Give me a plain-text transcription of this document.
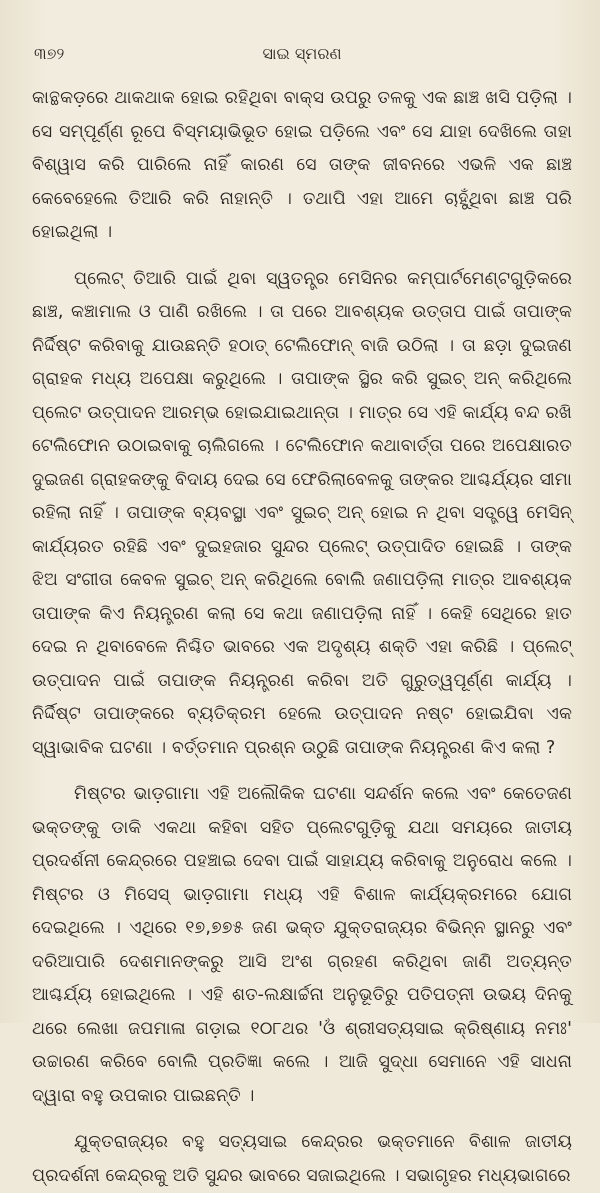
୩୭୨	ସାଇ ସ୍ମରଣ

କାନ୍ଥକଡ଼ରେ ଥାକଥାକ ହୋଇ ରହିଥିବା ବାକ୍ସ ଉପରୁ ତଳକୁ ଏକ ଛାଞ୍ଚ ଖସି ପଡ଼ିଲା । ସେ ସମ୍ପୂର୍ଣ୍ଣ ରୂପେ ବିସ୍ମୟାଭିଭୂତ ହୋଇ ପଡ଼ିଲେ ଏବଂ ସେ ଯାହା ଦେଖିଲେ ତାହା ବିଶ୍ୱାସ କରି ପାରିଲେ ନାହିଁ କାରଣ ସେ ତାଙ୍କ ଜୀବନରେ ଏଭଳି ଏକ ଛାଞ୍ଚ କେବେହେଲେ ତିଆରି କରି ନାହାନ୍ତି । ତଥାପି ଏହା ଆମେ ଚାହୁଁଥିବା ଛାଞ୍ଚ ପରି ହୋଇଥିଲା ।

ପ୍ଲେଟ୍ ତିଆରି ପାଇଁ ଥିବା ସ୍ୱତନ୍ତ୍ର ମେସିନର କମ୍ପାର୍ଟମେଣ୍ଟଗୁଡ଼ିକରେ ଛାଞ୍ଚ, କଞ୍ଚାମାଲ ଓ ପାଣି ରଖିଲେ । ତା ପରେ ଆବଶ୍ୟକ ଉତ୍ତାପ ପାଇଁ ତାପାଙ୍କ ନିର୍ଦ୍ଦିଷ୍ଟ କରିବାକୁ ଯାଉଛନ୍ତି ହଠାତ୍ ଟେଲିଫୋନ୍ ବାଜି ଉଠିଲା । ତା ଛଡ଼ା ଦୁଇଜଣ ଗ୍ରାହକ ମଧ୍ୟ ଅପେକ୍ଷା କରୁଥିଲେ । ତାପାଙ୍କ ସ୍ଥିର କରି ସୁଇଚ୍ ଅନ୍ କରିଥିଲେ ପ୍ଲେଟ ଉତ୍ପାଦନ ଆରମ୍ଭ ହୋଇଯାଇଥାନ୍ତା । ମାତ୍ର ସେ ଏହି କାର୍ଯ୍ୟ ବନ୍ଦ ରଖି ଟେଲିଫୋନ ଉଠାଇବାକୁ ଚାଲିଗଲେ । ଟେଲିଫୋନ କଥାବାର୍ତ୍ତା ପରେ ଅପେକ୍ଷାରତ ଦୁଇଜଣ ଗ୍ରାହକଙ୍କୁ ବିଦାୟ ଦେଇ ସେ ଫେରିଲାବେଳକୁ ତାଙ୍କର ଆଶ୍ଚର୍ଯ୍ୟର ସୀମା ରହିଲା ନାହିଁ । ତାପାଙ୍କ ବ୍ୟବସ୍ଥା ଏବଂ ସୁଇଚ୍ ଅନ୍ ହୋଇ ନ ଥିବା ସତ୍ତ୍ୱେ ମେସିନ୍ କାର୍ଯ୍ୟରତ ରହିଛି ଏବଂ ଦୁଇହଜାର ସୁନ୍ଦର ପ୍ଲେଟ୍ ଉତ୍ପାଦିତ ହୋଇଛି । ତାଙ୍କ ଝିଅ ସଂଗୀତା କେବଳ ସୁଇଚ୍ ଅନ୍ କରିଥିଲେ ବୋଲି ଜଣାପଡ଼ିଲା ମାତ୍ର ଆବଶ୍ୟକ ତାପାଙ୍କ କିଏ ନିୟନ୍ତ୍ରଣ କଲା ସେ କଥା ଜଣାପଡ଼ିଲା ନାହିଁ । କେହି ସେଥିରେ ହାତ ଦେଇ ନ ଥିବାବେଳେ ନିଶ୍ଚିତ ଭାବରେ ଏକ ଅଦୃଶ୍ୟ ଶକ୍ତି ଏହା କରିଛି । ପ୍ଲେଟ୍ ଉତ୍ପାଦନ ପାଇଁ ତାପାଙ୍କ ନିୟନ୍ତ୍ରଣ କରିବା ଅତି ଗୁରୁତ୍ୱପୂର୍ଣ୍ଣ କାର୍ଯ୍ୟ । ନିର୍ଦ୍ଦିଷ୍ଟ ତାପାଙ୍କରେ ବ୍ୟତିକ୍ରମ ହେଲେ ଉତ୍ପାଦନ ନଷ୍ଟ ହୋଇଯିବା ଏକ ସ୍ୱାଭାବିକ ଘଟଣା । ବର୍ତ୍ତମାନ ପ୍ରଶ୍ନ ଉଠୁଛି ତାପାଙ୍କ ନିୟନ୍ତ୍ରଣ କିଏ କଲା ?

ମିଷ୍ଟର ଭାଡ଼ଗାମା ଏହି ଅଲୌକିକ ଘଟଣା ସନ୍ଦର୍ଶନ କଲେ ଏବଂ କେତେଜଣ ଭକ୍ତଙ୍କୁ ଡାକି ଏକଥା କହିବା ସହିତ ପ୍ଲେଟଗୁଡ଼ିକୁ ଯଥା ସମୟରେ ଜାତୀୟ ପ୍ରଦର୍ଶନୀ କେନ୍ଦ୍ରରେ ପହଞ୍ଚାଇ ଦେବା ପାଇଁ ସାହାଯ୍ୟ କରିବାକୁ ଅନୁରୋଧ କଲେ । ମିଷ୍ଟର ଓ ମିସେସ୍ ଭାଡ଼ଗାମା ମଧ୍ୟ ଏହି ବିଶାଳ କାର୍ଯ୍ୟକ୍ରମରେ ଯୋଗ ଦେଇଥିଲେ । ଏଥିରେ ୧୭,୭୭୫ ଜଣ ଭକ୍ତ ଯୁକ୍ତରାଜ୍ୟର ବିଭିନ୍ନ ସ୍ଥାନରୁ ଏବଂ ଦରିଆପାରି ଦେଶମାନଙ୍କରୁ ଆସି ଅଂଶ ଗ୍ରହଣ କରିଥିବା ଜାଣି ଅତ୍ୟନ୍ତ ଆଶ୍ଚର୍ଯ୍ୟ ହୋଇଥିଲେ । ଏହି ଶତ-ଲକ୍ଷାର୍ଚ୍ଚନା ଅନୁଭୂତିରୁ ପତିପତ୍ନୀ ଉଭୟ ଦିନକୁ ଥରେ ଲେଖା ଜପମାଳା ଗଡ଼ାଇ ୧୦୮ଥର 'ଓଁ ଶ୍ରୀସତ୍ୟସାଇ କ୍ରିଷ୍ଣାୟ ନମଃ' ଉଚ୍ଚାରଣ କରିବେ ବୋଲି ପ୍ରତିଜ୍ଞା କଲେ । ଆଜି ସୁଦ୍ଧା ସେମାନେ ଏହି ସାଧନା ଦ୍ୱାରା ବହୁ ଉପକାର ପାଇଛନ୍ତି ।

ଯୁକ୍ତରାଜ୍ୟର ବହୁ ସତ୍ୟସାଇ କେନ୍ଦ୍ରର ଭକ୍ତମାନେ ବିଶାଳ ଜାତୀୟ ପ୍ରଦର୍ଶନୀ କେନ୍ଦ୍ରକୁ ଅତି ସୁନ୍ଦର ଭାବରେ ସଜାଇଥିଲେ । ସଭାଗୃହର ମଧ୍ୟଭାଗରେ
